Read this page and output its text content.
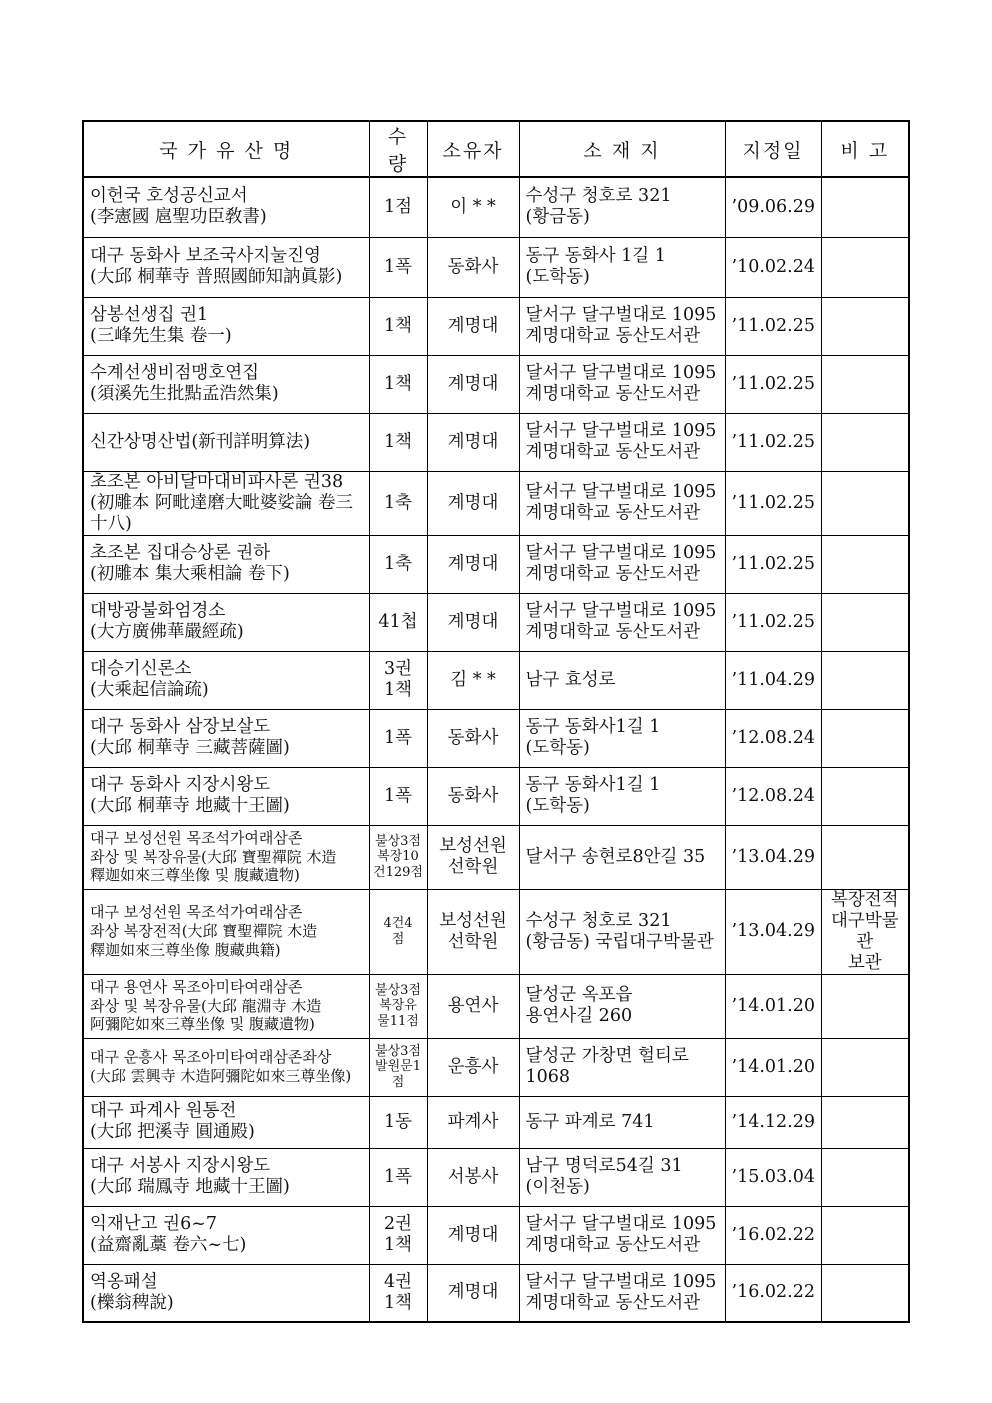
국 가 유 산 명	수 량	소유자	소 재 지	지정일	비 고

이헌국 호성공신교서
(李憲國 扈聖功臣敎書)	1점	이 * *	수성구 청호로 321
(황금동)	’09.06.29	

대구 동화사 보조국사지눌진영
(大邱 桐華寺 普照國師知訥眞影)	1폭	동화사	동구 동화사 1길 1
(도학동)	’10.02.24	

삼봉선생집 권1
(三峰先生集 卷一)	1책	계명대	달서구 달구벌대로 1095
계명대학교 동산도서관	’11.02.25	

수계선생비점맹호연집
(須溪先生批點孟浩然集)	1책	계명대	달서구 달구벌대로 1095
계명대학교 동산도서관	’11.02.25	

신간상명산법(新刊詳明算法)	1책	계명대	달서구 달구벌대로 1095
계명대학교 동산도서관	’11.02.25	

초조본 아비달마대비파사론 권38
(初雕本 阿毗達磨大毗婆娑論 卷三十八)	1축	계명대	달서구 달구벌대로 1095
계명대학교 동산도서관	’11.02.25	

초조본 집대승상론 권하
(初雕本 集大乘相論 卷下)	1축	계명대	달서구 달구벌대로 1095
계명대학교 동산도서관	’11.02.25	

대방광불화엄경소
(大方廣佛華嚴經疏)	41첩	계명대	달서구 달구벌대로 1095
계명대학교 동산도서관	’11.02.25	

대승기신론소
(大乘起信論疏)	3권
1책	김 * *	남구 효성로	’11.04.29	

대구 동화사 삼장보살도
(大邱 桐華寺 三藏菩薩圖)	1폭	동화사	동구 동화사1길 1
(도학동)	’12.08.24	

대구 동화사 지장시왕도
(大邱 桐華寺 地藏十王圖)	1폭	동화사	동구 동화사1길 1
(도학동)	’12.08.24	

대구 보성선원 목조석가여래삼존
좌상 및 복장유물(大邱 寶聖禪院 木造
釋迦如來三尊坐像 및 腹藏遺物)	불상3점
복장10
건129점	보성선원
선학원	달서구 송현로8안길 35	’13.04.29	

대구 보성선원 목조석가여래삼존
좌상 복장전적(大邱 寶聖禪院 木造
釋迦如來三尊坐像 腹藏典籍)	4건4
점	보성선원
선학원	수성구 청호로 321
(황금동) 국립대구박물관	’13.04.29	복장전적
대구박물관
보관

대구 용연사 목조아미타여래삼존
좌상 및 복장유물(大邱 龍淵寺 木造
阿彌陀如來三尊坐像 및 腹藏遺物)	불상3점
복장유
물11점	용연사	달성군 옥포읍
용연사길 260	’14.01.20	

대구 운흥사 목조아미타여래삼존좌상
(大邱 雲興寺 木造阿彌陀如來三尊坐像)	불상3점
발원문1
점	운흥사	달성군 가창면 헐티로
1068	’14.01.20	

대구 파계사 원통전
(大邱 把溪寺 圓通殿)	1동	파계사	동구 파계로 741	’14.12.29	

대구 서봉사 지장시왕도
(大邱 瑞鳳寺 地藏十王圖)	1폭	서봉사	남구 명덕로54길 31
(이천동)	’15.03.04	

익재난고 권6~7
(益齋亂藁 卷六~七)	2권
1책	계명대	달서구 달구벌대로 1095
계명대학교 동산도서관	’16.02.22	

역옹패설
(櫟翁稗說)	4권
1책	계명대	달서구 달구벌대로 1095
계명대학교 동산도서관	’16.02.22	
